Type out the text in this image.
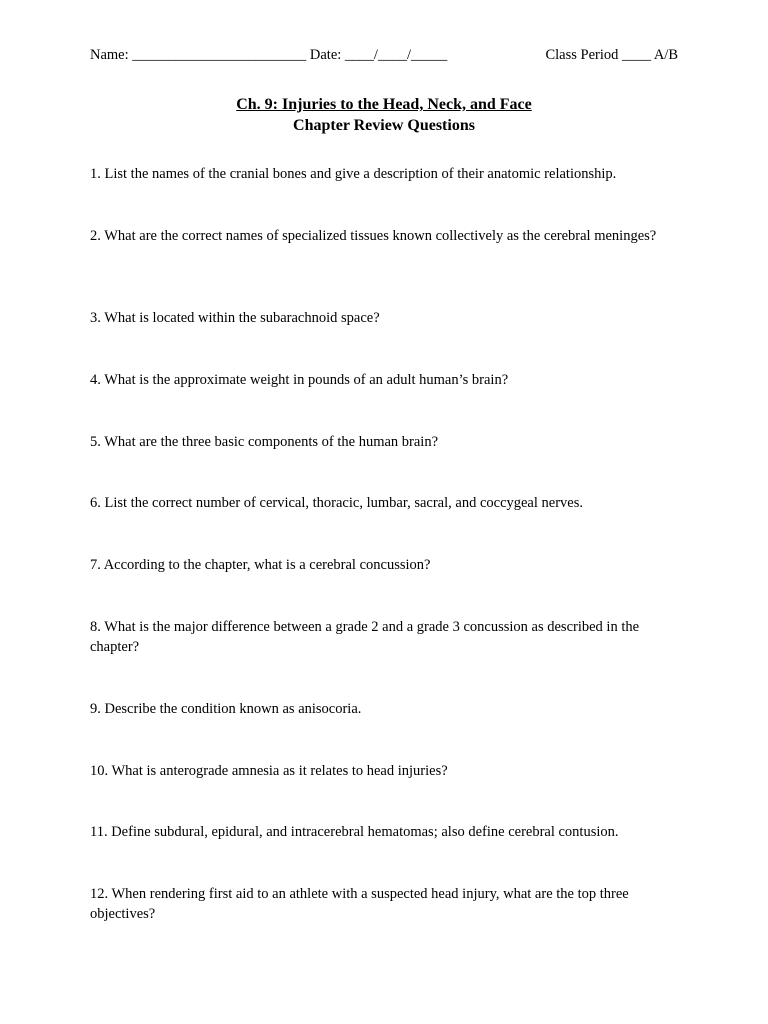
Name: ________________________ Date: ____/____/_____	Class Period ____ A/B
Ch. 9: Injuries to the Head, Neck, and Face
Chapter Review Questions
1. List the names of the cranial bones and give a description of their anatomic relationship.
2. What are the correct names of specialized tissues known collectively as the cerebral meninges?
3. What is located within the subarachnoid space?
4. What is the approximate weight in pounds of an adult human’s brain?
5. What are the three basic components of the human brain?
6. List the correct number of cervical, thoracic, lumbar, sacral, and coccygeal nerves.
7. According to the chapter, what is a cerebral concussion?
8. What is the major difference between a grade 2 and a grade 3 concussion as described in the chapter?
9. Describe the condition known as anisocoria.
10. What is anterograde amnesia as it relates to head injuries?
11. Define subdural, epidural, and intracerebral hematomas; also define cerebral contusion.
12. When rendering first aid to an athlete with a suspected head injury, what are the top three objectives?
